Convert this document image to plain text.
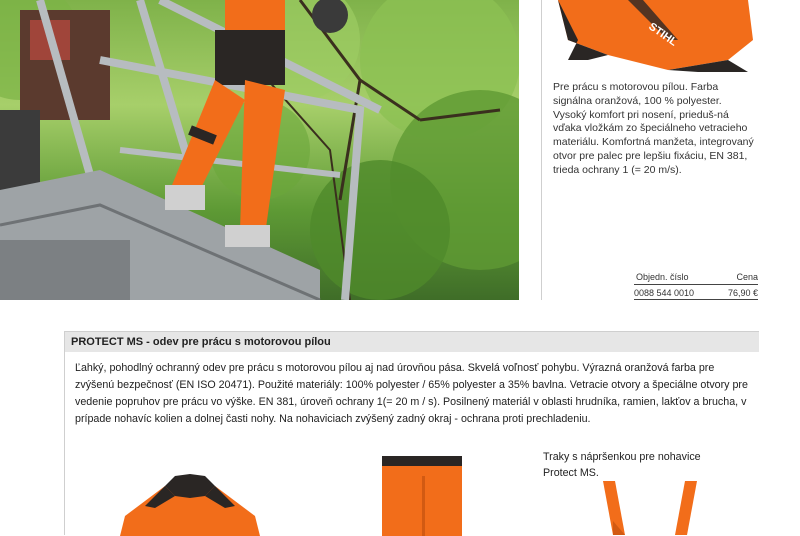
STIHL
Pre prácu s motorovou pílou. Farba signálna oranžová, 100 % polyester. Vysoký komfort pri nosení, prieduš-ná vďaka vložkám zo špeciálneho vetracieho materiálu. Komfortná manžeta, integrovaný otvor pre palec pre lepšiu fixáciu, EN 381, trieda ochrany 1 (= 20 m/s).
Objedn. číslo	Cena
0088 544 0010	76,90 €
PROTECT MS - odev pre prácu s motorovou pílou
Ľahký, pohodlný ochranný odev pre prácu s motorovou pílou aj nad úrovňou pása. Skvelá voľnosť pohybu. Výrazná oranžová farba pre zvýšenú bezpečnosť (EN ISO 20471). Použité materiály: 100% polyester / 65% polyester a 35% bavlna. Vetracie otvory a špeciálne otvory pre vedenie popruhov pre prácu vo výške. EN 381, úroveň ochrany 1(= 20 m / s). Posilnený materiál v oblasti hrudníka, ramien, lakťov a brucha, v prípade nohavíc kolien a dolnej časti nohy. Na nohaviciach zvýšený zadný okraj - ochrana proti prechladeniu.
Traky s nápršenkou pre nohavice Protect MS.
